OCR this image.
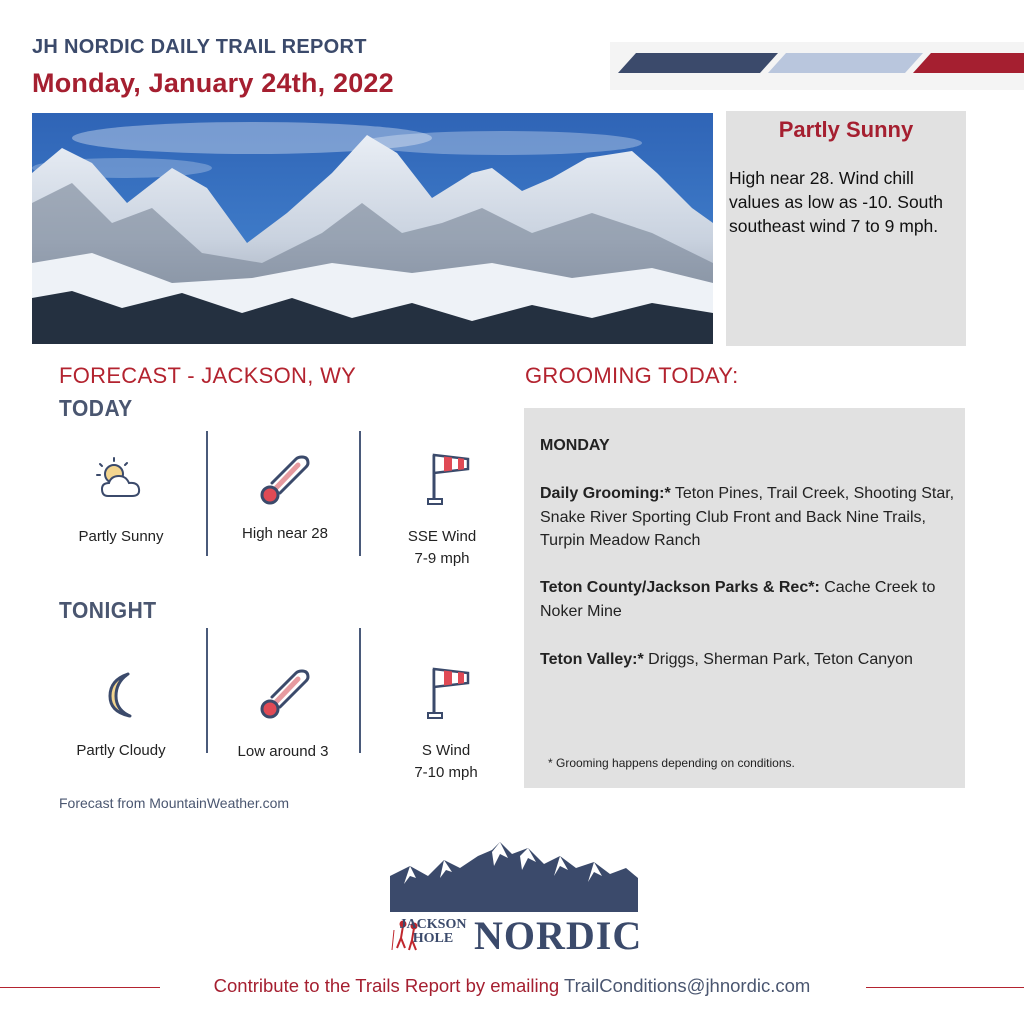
JH NORDIC DAILY TRAIL REPORT
Monday, January 24th, 2022
Partly Sunny
High near 28. Wind chill values as low as -10. South southeast wind 7 to 9 mph.
FORECAST - JACKSON, WY
TODAY
Partly Sunny	High near 28	SSE Wind
7-9 mph
TONIGHT
Partly Cloudy	Low around 3	S Wind
7-10 mph
Forecast from MountainWeather.com
GROOMING TODAY:
MONDAY
Daily Grooming:* Teton Pines, Trail Creek, Shooting Star, Snake River Sporting Club Front and Back Nine Trails, Turpin Meadow Ranch
Teton County/Jackson Parks & Rec*: Cache Creek to Noker Mine
Teton Valley:* Driggs, Sherman Park, Teton Canyon
* Grooming happens depending on conditions.
JACKSON
HOLE NORDIC
Contribute to the Trails Report by emailing TrailConditions@jhnordic.com
